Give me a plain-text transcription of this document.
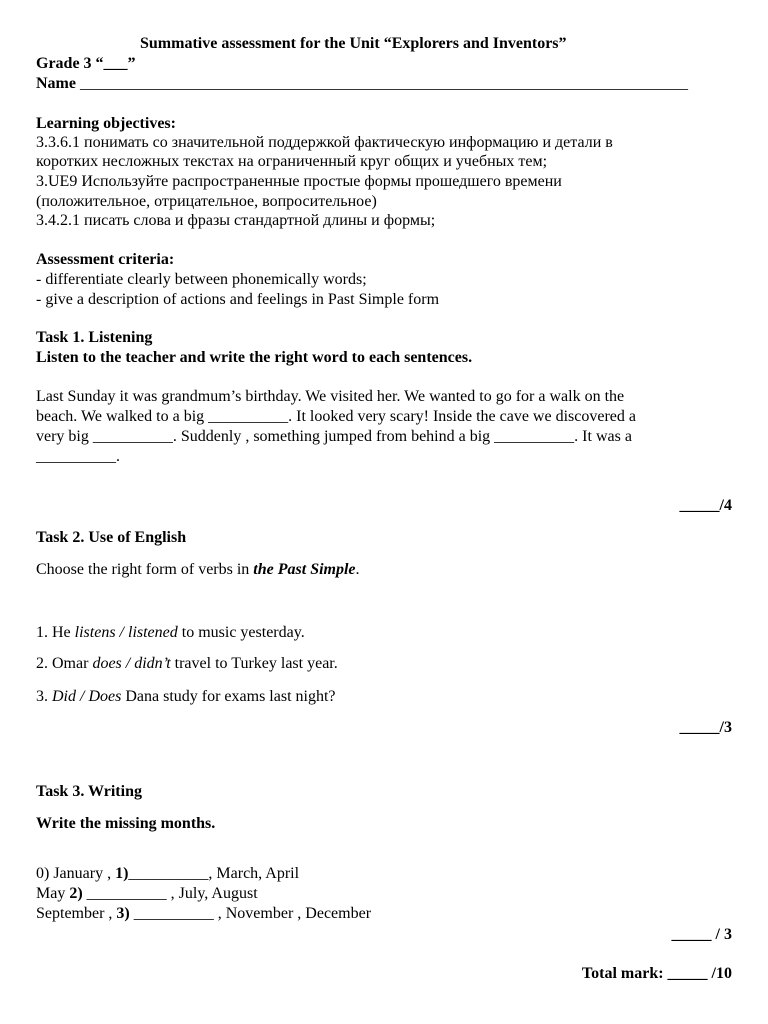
Summative assessment for the Unit “Explorers and Inventors”
Grade 3 “___”
Name ____________________________________________________________________________
Learning objectives:
3.3.6.1 понимать со значительной поддержкой фактическую информацию и детали в
коротких несложных текстах на ограниченный круг общих и учебных тем;
3.UE9 Используйте распространенные простые формы прошедшего времени
(положительное, отрицательное, вопросительное)
3.4.2.1 писать слова и фразы стандартной длины и формы;
Assessment criteria:
- differentiate clearly between phonemically words;
- give a description of actions and feelings in Past Simple form
Task 1. Listening
Listen to the teacher and write the right word to each sentences.
Last Sunday it was grandmum’s birthday. We visited her. We wanted to go for a walk on the
beach. We walked to a big __________. It looked very scary! Inside the cave we discovered a
very big __________. Suddenly , something jumped from behind a big __________. It was a
__________.
_____/4
Task 2. Use of English
Choose the right form of verbs in the Past Simple.
1. He listens / listened to music yesterday.
2. Omar does / didn’t travel to Turkey last year.
3. Did / Does Dana study for exams last night?
_____/3
Task 3. Writing
Write the missing months.
0) January , 1)__________, March, April
May 2) __________ , July, August
September , 3) __________ , November , December
_____ / 3
Total mark: _____ /10
